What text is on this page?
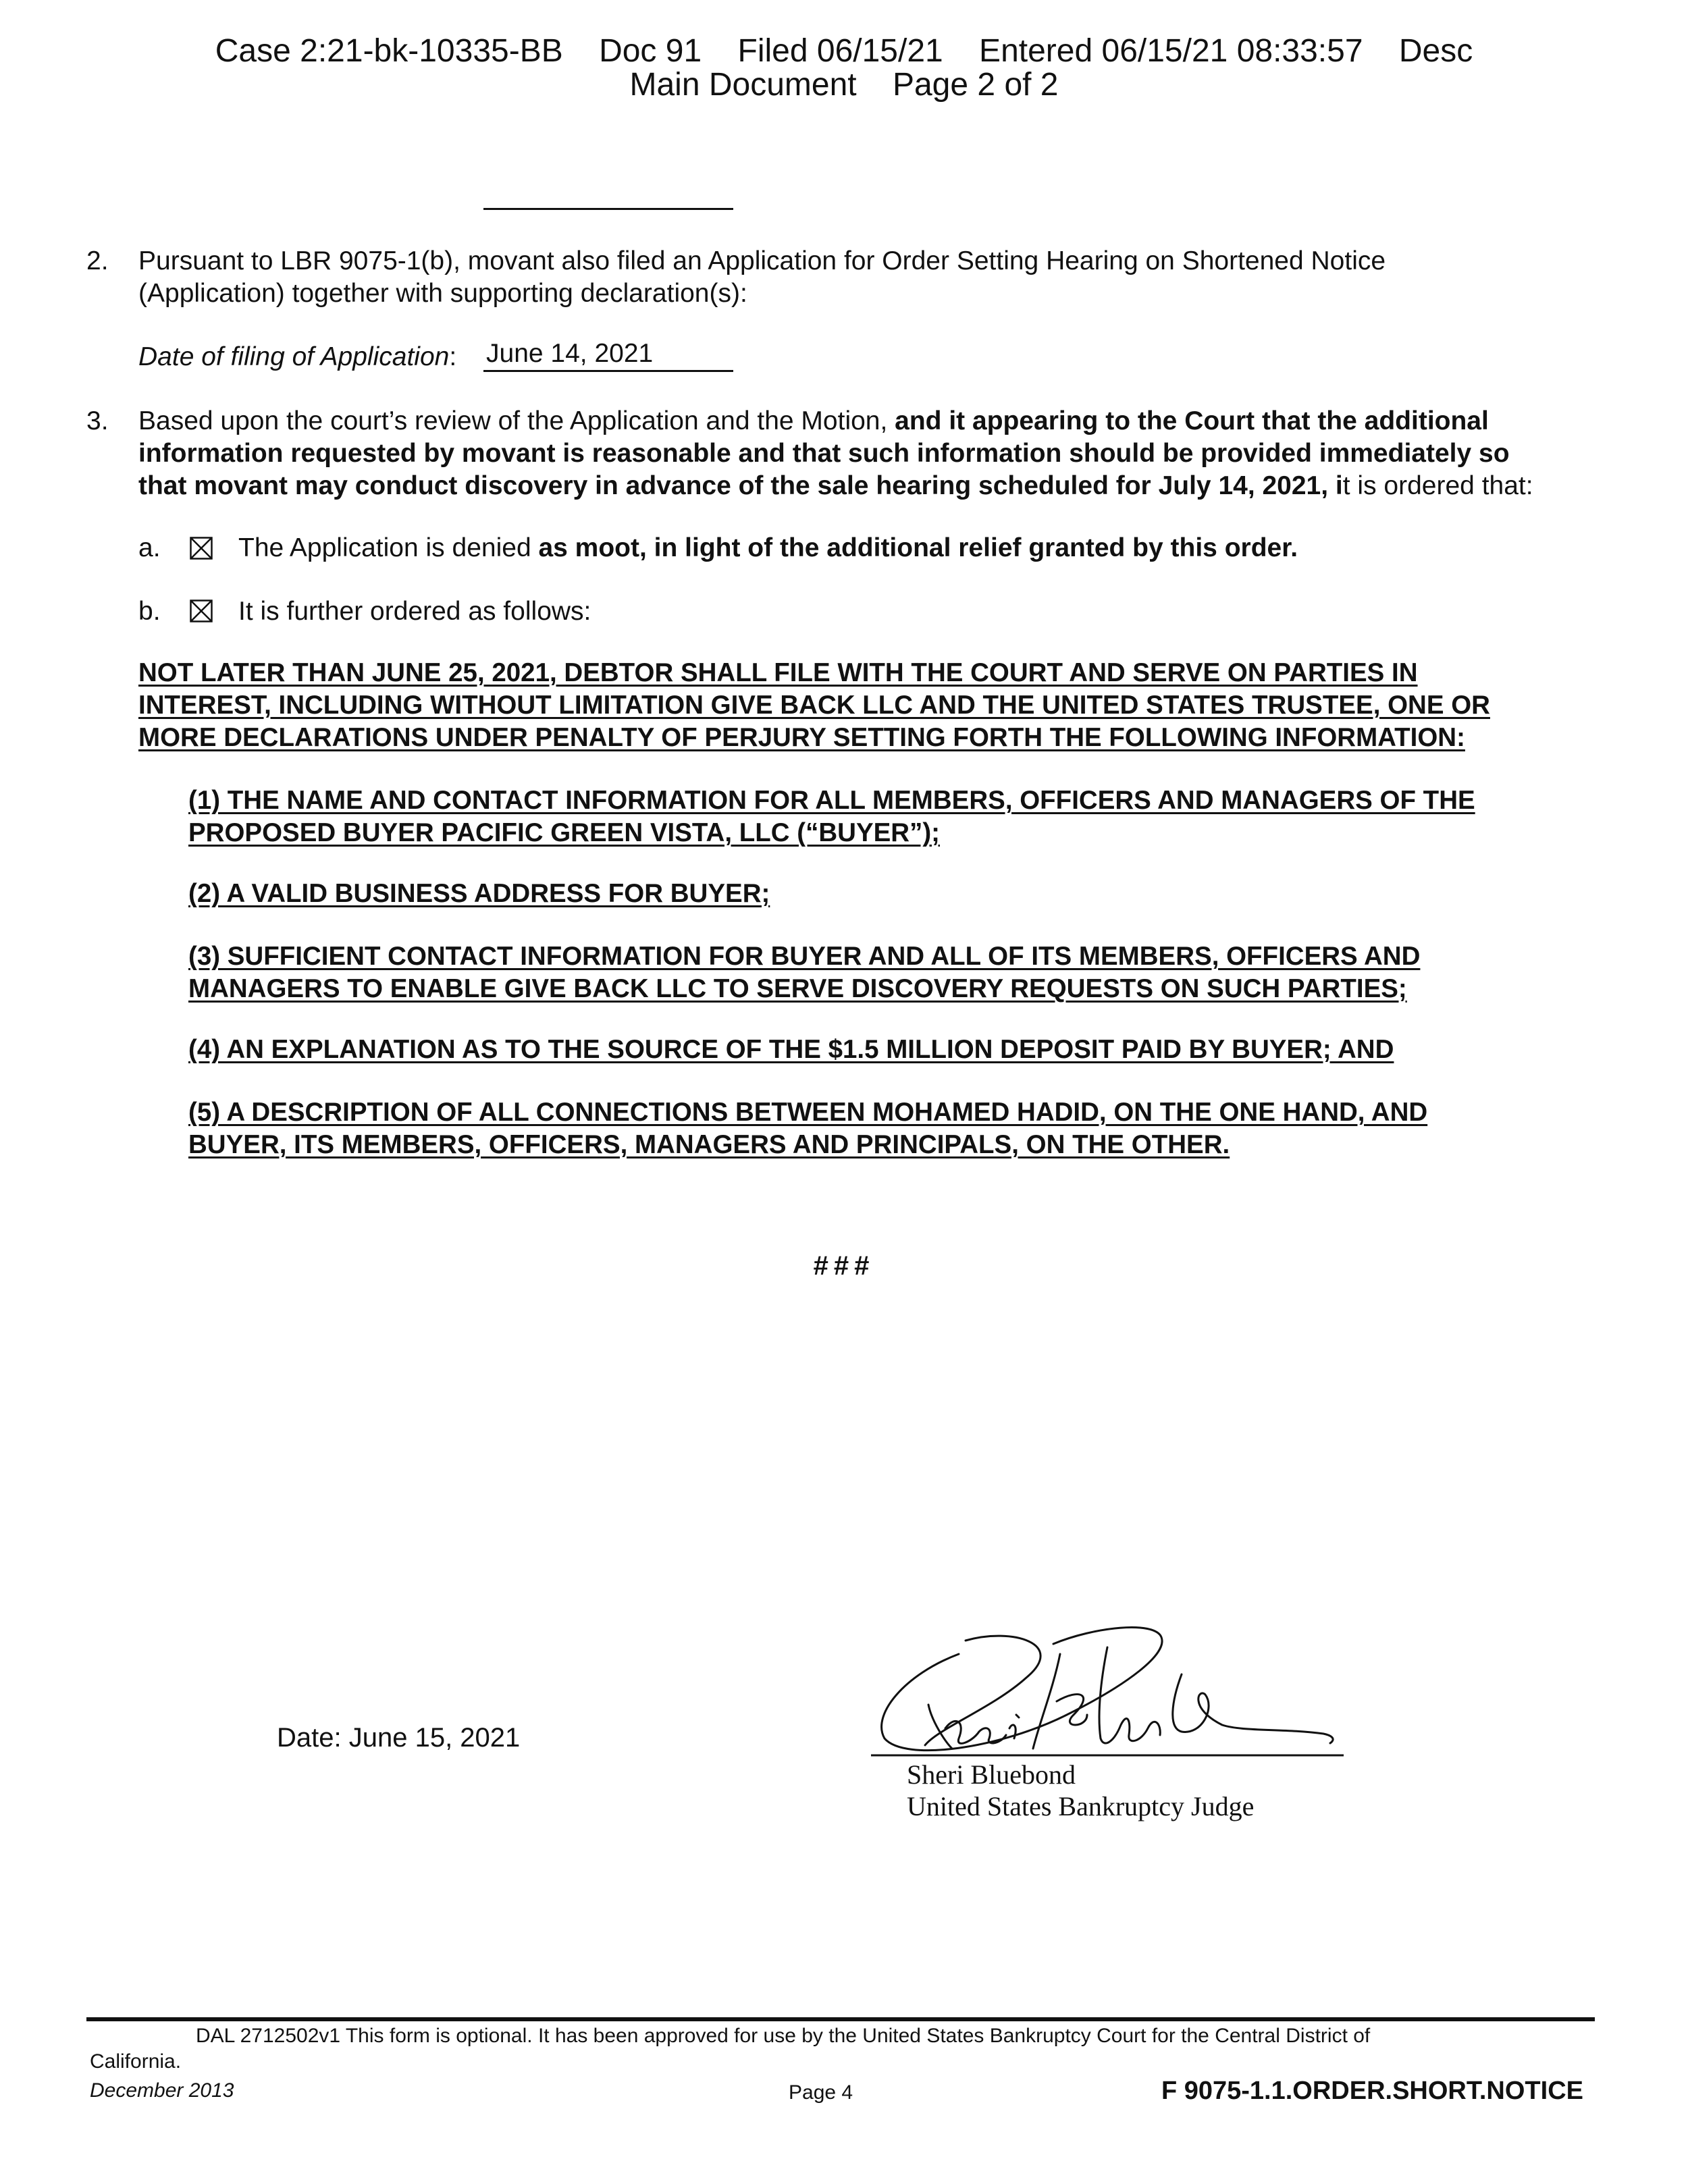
Case 2:21-bk-10335-BB    Doc 91    Filed 06/15/21    Entered 06/15/21 08:33:57    Desc
Main Document    Page 2 of 2
2. Pursuant to LBR 9075-1(b), movant also filed an Application for Order Setting Hearing on Shortened Notice
(Application) together with supporting declaration(s):
Date of filing of Application: June 14, 2021
3. Based upon the court’s review of the Application and the Motion, and it appearing to the Court that the additional
information requested by movant is reasonable and that such information should be provided immediately so
that movant may conduct discovery in advance of the sale hearing scheduled for July 14, 2021, it is ordered that:
a.	The Application is denied as moot, in light of the additional relief granted by this order.
b.	It is further ordered as follows:
NOT LATER THAN JUNE 25, 2021, DEBTOR SHALL FILE WITH THE COURT AND SERVE ON PARTIES IN
INTEREST, INCLUDING WITHOUT LIMITATION GIVE BACK LLC AND THE UNITED STATES TRUSTEE, ONE OR
MORE DECLARATIONS UNDER PENALTY OF PERJURY SETTING FORTH THE FOLLOWING INFORMATION:
(1) THE NAME AND CONTACT INFORMATION FOR ALL MEMBERS, OFFICERS AND MANAGERS OF THE
PROPOSED BUYER PACIFIC GREEN VISTA, LLC (“BUYER”);
(2) A VALID BUSINESS ADDRESS FOR BUYER;
(3) SUFFICIENT CONTACT INFORMATION FOR BUYER AND ALL OF ITS MEMBERS, OFFICERS AND
MANAGERS TO ENABLE GIVE BACK LLC TO SERVE DISCOVERY REQUESTS ON SUCH PARTIES;
(4) AN EXPLANATION AS TO THE SOURCE OF THE $1.5 MILLION DEPOSIT PAID BY BUYER; AND
(5) A DESCRIPTION OF ALL CONNECTIONS BETWEEN MOHAMED HADID, ON THE ONE HAND, AND
BUYER, ITS MEMBERS, OFFICERS, MANAGERS AND PRINCIPALS, ON THE OTHER.
###
Date: June 15, 2021
Sheri Bluebond
United States Bankruptcy Judge
DAL 2712502v1 This form is optional. It has been approved for use by the United States Bankruptcy Court for the Central District of
California.
December 2013	Page 4	F 9075-1.1.ORDER.SHORT.NOTICE
